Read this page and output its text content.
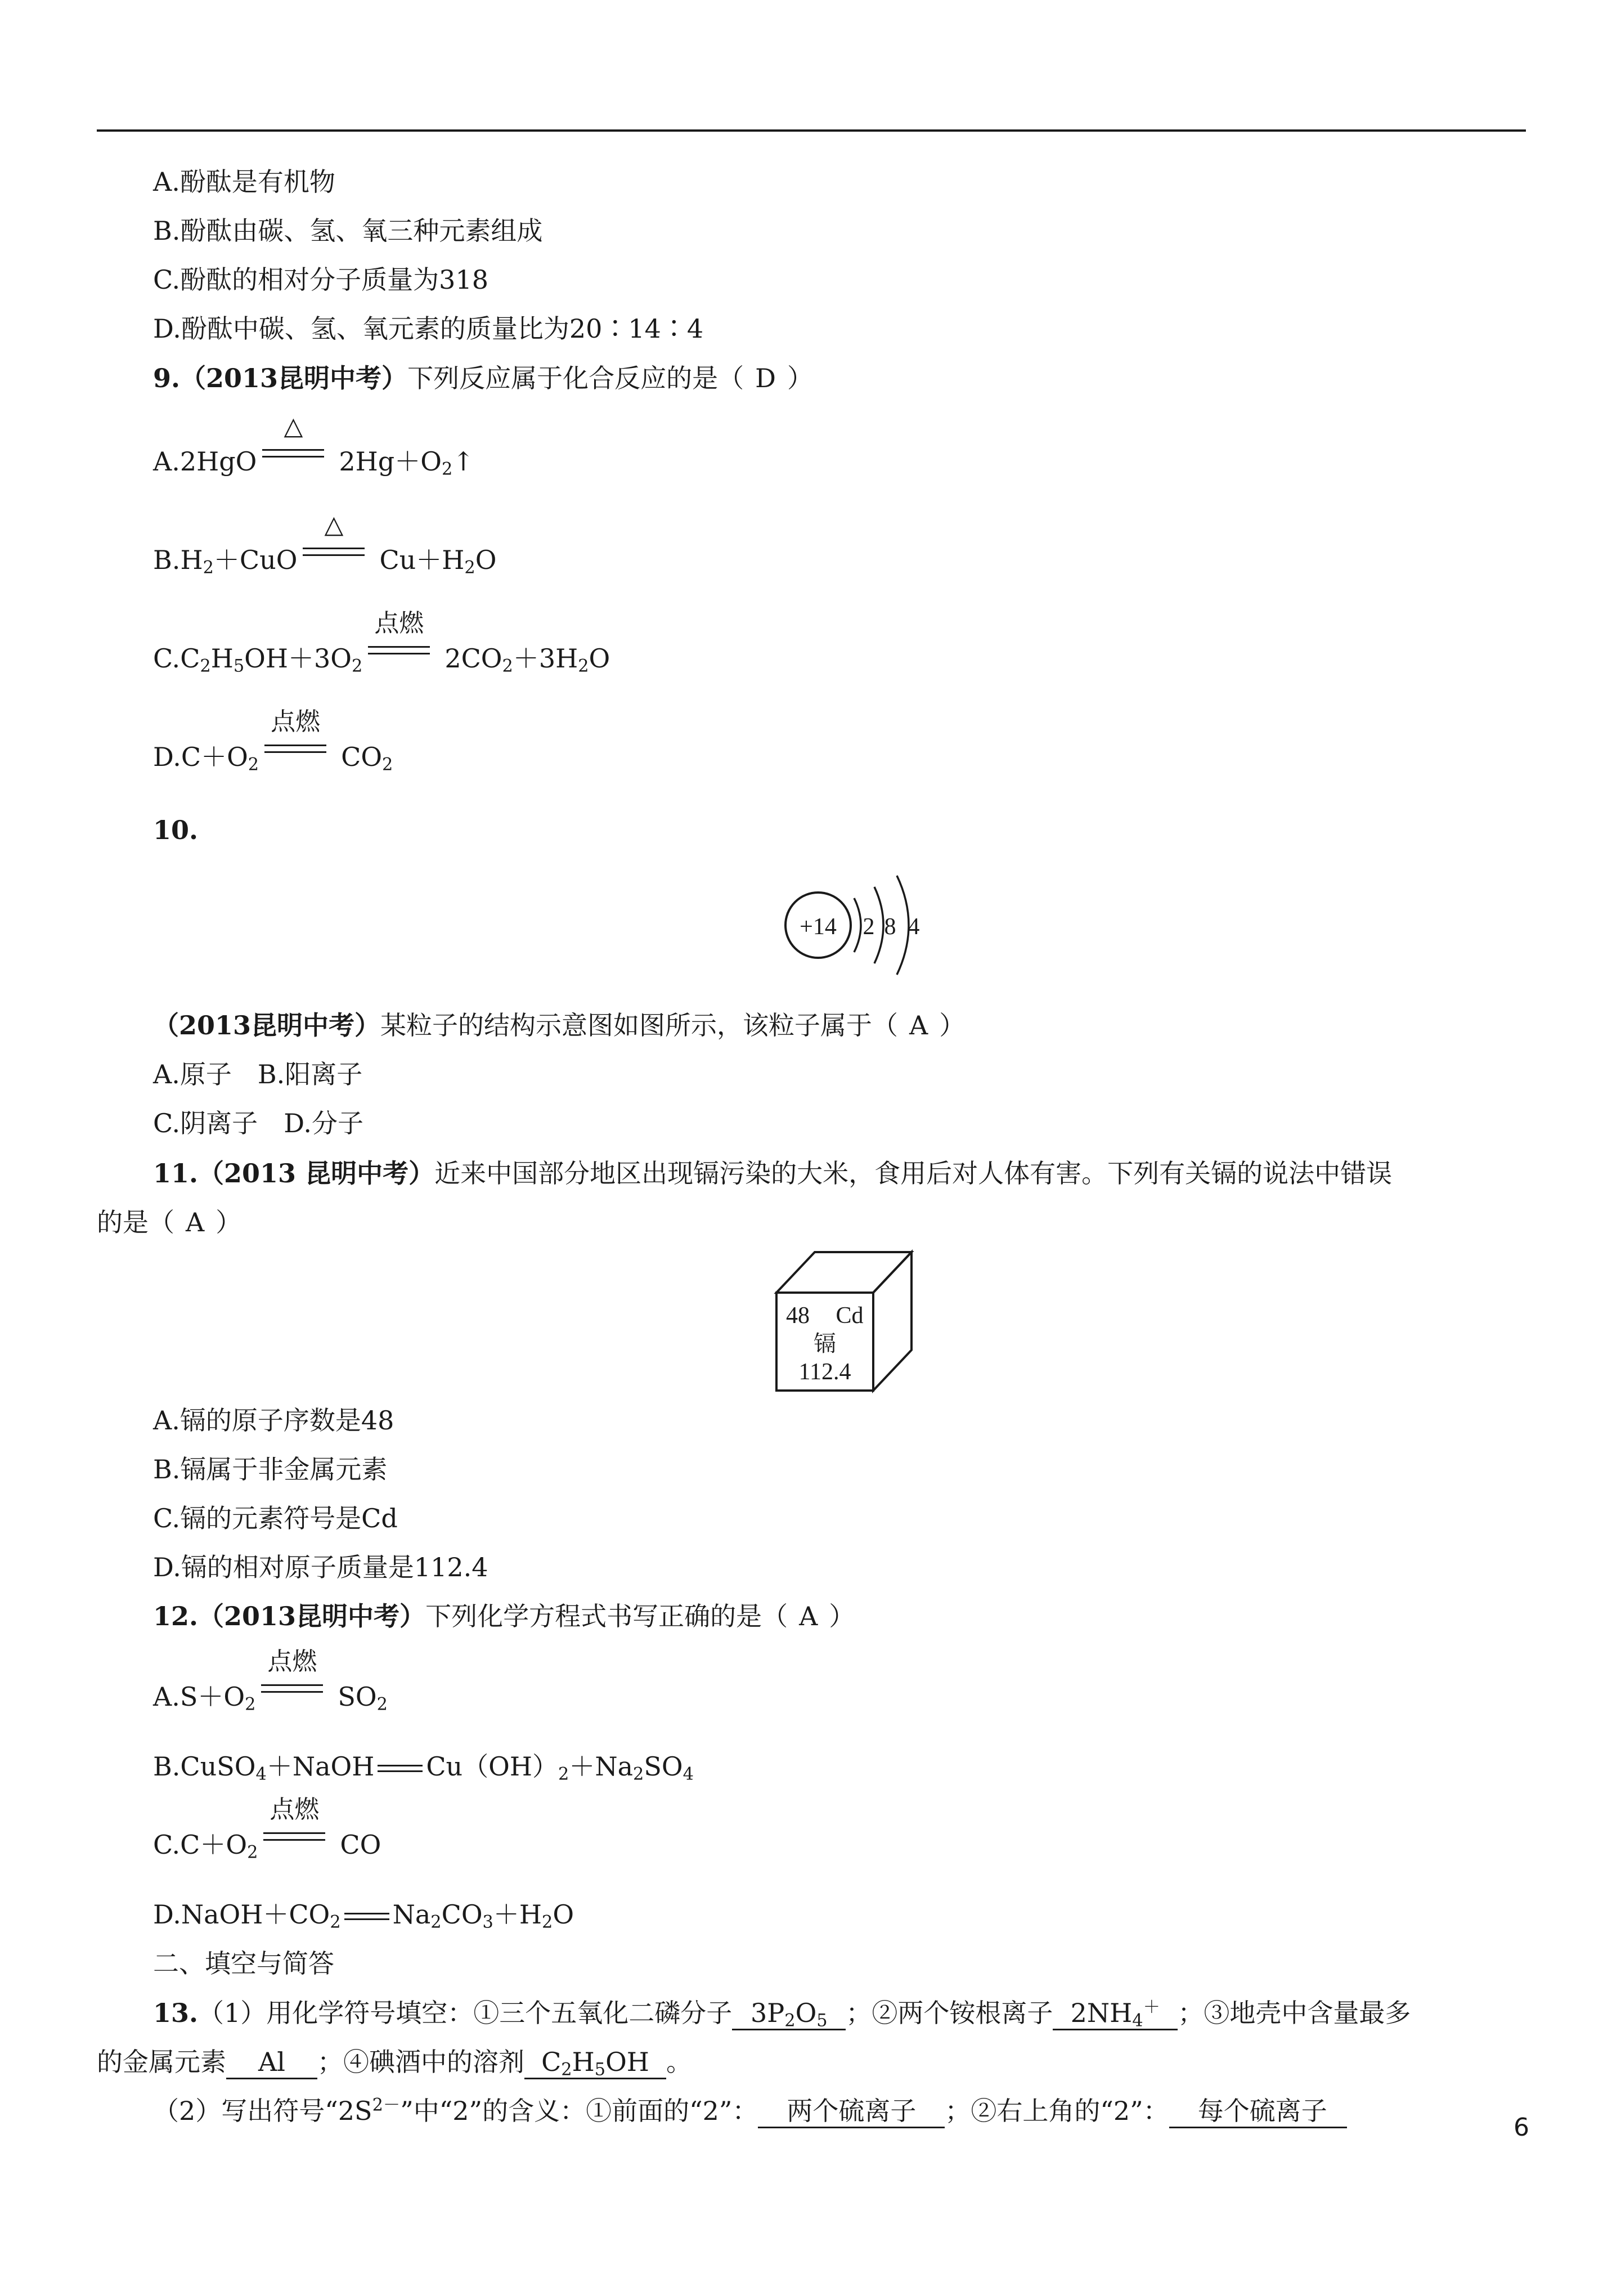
A.酚酞是有机物
B.酚酞由碳、氢、氧三种元素组成
C.酚酞的相对分子质量为318
D.酚酞中碳、氢、氧元素的质量比为20∶14∶4
9.（2013昆明中考）下列反应属于化合反应的是（ D ）
A.2HgO
△
$2Hg+O_2↑$
$B.H_2+CuO$
△
$Cu+H_2O$
$C.C_2H_5OH+3O_2$
点燃
$2CO_2+3H_2O$
$D.C+O_2$
点燃
$CO_2$
10.
+14 2 8 4
（2013昆明中考）某粒子的结构示意图如图所示，该粒子属于（ A ）
A.原子 B.阳离子
C.阴离子 D.分子
11.（2013 昆明中考）近来中国部分地区出现镉污染的大米，食用后对人体有害。下列有关镉的说法中错误
的是（ A ）
48 Cd
镉
112.4
A.镉的原子序数是48
B.镉属于非金属元素
C.镉的元素符号是Cd
D.镉的相对原子质量是112.4
12.（2013昆明中考）下列化学方程式书写正确的是（ A ）
$A.S+O_2$
点燃
$SO_2$
B.CuSO$_4$＋NaOH $Cu(OH)_2+Na_2SO_4$
$C.C+O_2$
点燃
CO
$D.NaOH+CO_2$ $Na_2CO_3+H_2O$
二、填空与简答
13.（1）用化学符号填空：①三个五氧化二磷分子 $3P_2O_5$ ；②两个铵根离子 $2NH_4^+$ ；③地壳中含量最多
的金属元素 Al ；④碘酒中的溶剂 $C_2H_5OH$ 。
（2）写出符号“$2S^{2-}$”中“2”的含义：①前面的“2”： 两个硫离子 ；②右上角的“2”： 每个硫离子
6
